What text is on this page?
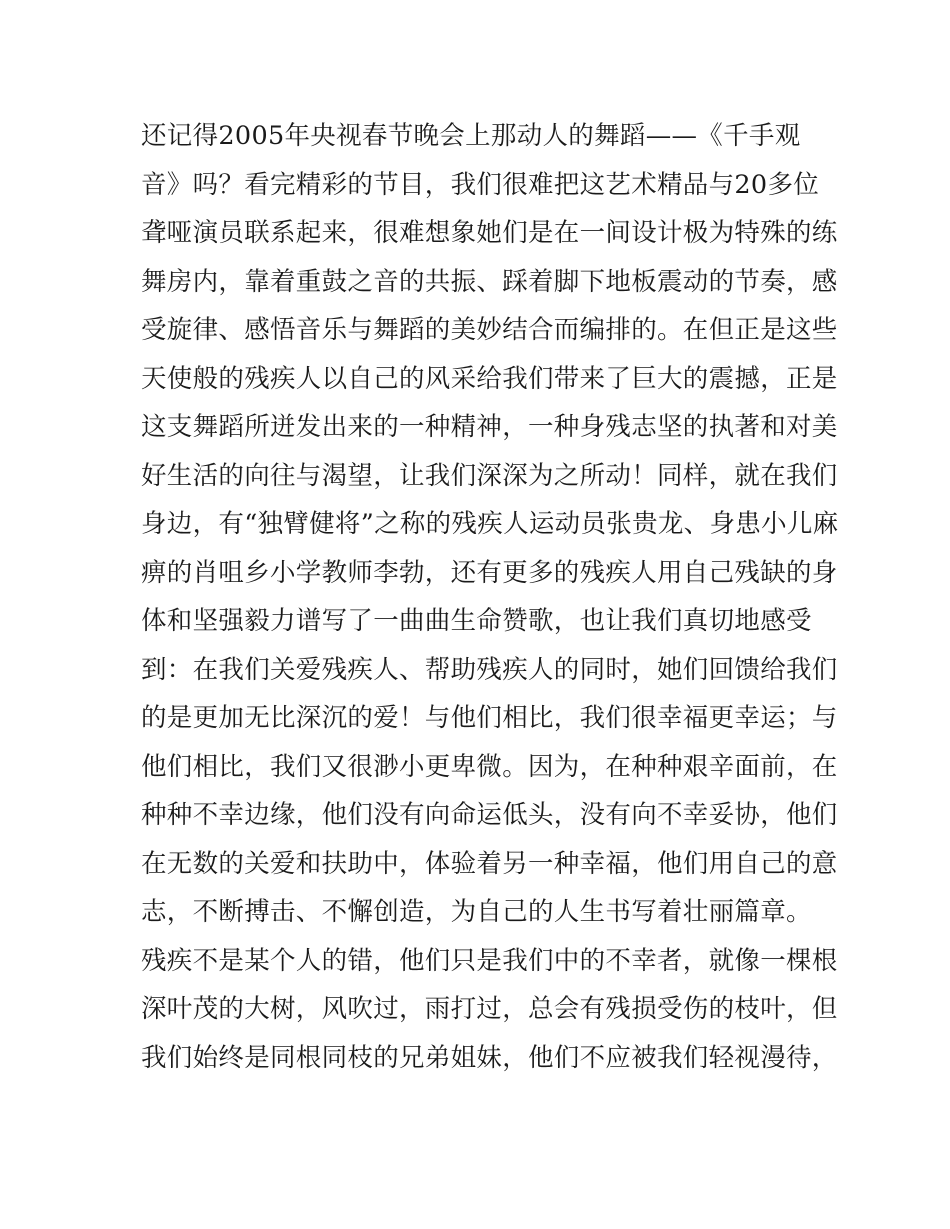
还记得2005年央视春节晚会上那动人的舞蹈——《千手观
音》吗？看完精彩的节目，我们很难把这艺术精品与20多位
聋哑演员联系起来，很难想象她们是在一间设计极为特殊的练
舞房内，靠着重鼓之音的共振、踩着脚下地板震动的节奏，感
受旋律、感悟音乐与舞蹈的美妙结合而编排的。在但正是这些
天使般的残疾人以自己的风采给我们带来了巨大的震撼，正是
这支舞蹈所迸发出来的一种精神，一种身残志坚的执著和对美
好生活的向往与渴望，让我们深深为之所动！同样，就在我们
身边，有“独臂健将”之称的残疾人运动员张贵龙、身患小儿麻
痹的肖咀乡小学教师李勃，还有更多的残疾人用自己残缺的身
体和坚强毅力谱写了一曲曲生命赞歌，也让我们真切地感受
到：在我们关爱残疾人、帮助残疾人的同时，她们回馈给我们
的是更加无比深沉的爱！与他们相比，我们很幸福更幸运；与
他们相比，我们又很渺小更卑微。因为，在种种艰辛面前，在
种种不幸边缘，他们没有向命运低头，没有向不幸妥协，他们
在无数的关爱和扶助中，体验着另一种幸福，他们用自己的意
志，不断搏击、不懈创造，为自己的人生书写着壮丽篇章。
残疾不是某个人的错，他们只是我们中的不幸者，就像一棵根
深叶茂的大树，风吹过，雨打过，总会有残损受伤的枝叶，但
我们始终是同根同枝的兄弟姐妹，他们不应被我们轻视漫待，
